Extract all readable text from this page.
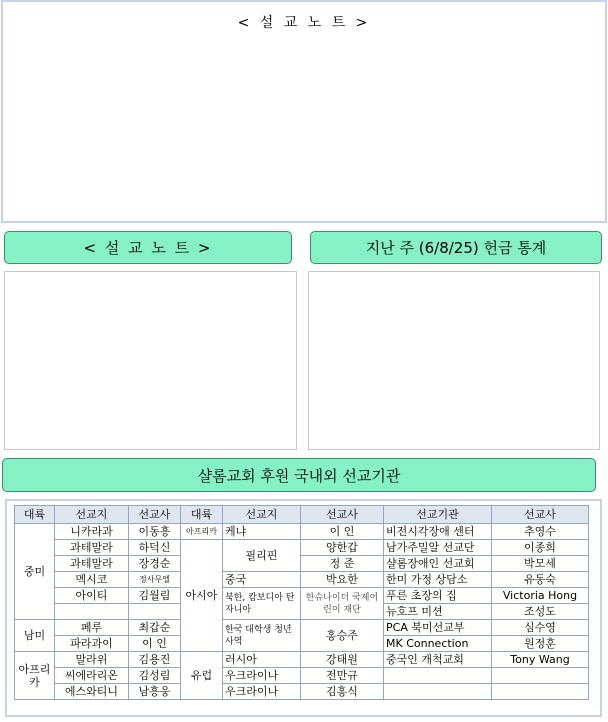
< 설 교 노 트 >
< 설 교 노 트 >	지난 주 (6/8/25) 헌금 통계
샬롬교회 후원 국내외 선교기관
대륙	선교지	선교사	대륙	선교지	선교사	선교기관	선교사
중미	니카라과	이동흥	아프리카	케냐	이 인	비전시각장애 센터	추영수
	과테말라	하덕신	아시아	필리핀	양한갑	남가주밀알 선교단	이종희
	과테말라	장경순			정 준	샬롬장애인 선교회	박모세
	멕시코	정사무엘		중국	박요한	한미 가정 상담소	유동숙
	아이티	김월림		북한, 캄보디아 탄자니아	한슈나이더 국제어린이 재단	푸른 초장의 집	Victoria Hong
						뉴호프 미션	조성도
남미	페루	최갑순		한국 대학생 청년 사역	홍승주	PCA 북미선교부	심수영
	파라과이	이 인				MK Connection	원정훈
아프리카	말라위	김용진	유럽	러시아	강태원	중국인 개척교회	Tony Wang
	씨에라리온	김성림		우크라이나	전만규		
	에스와티니	남흥웅		우크라이나	김홍식		
